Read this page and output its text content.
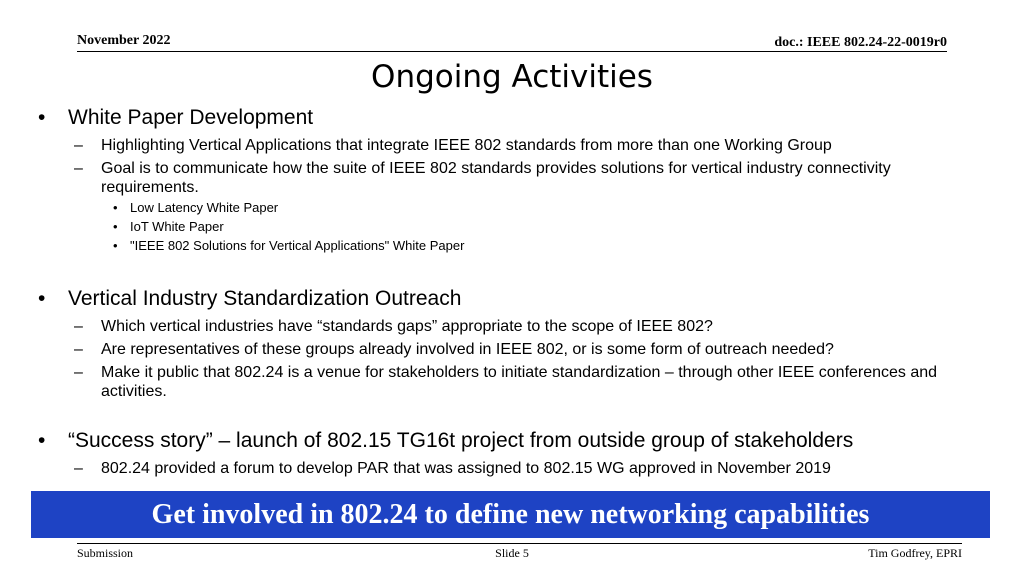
November 2022	doc.: IEEE 802.24-22-0019r0
Ongoing Activities
• White Paper Development
– Highlighting Vertical Applications that integrate IEEE 802 standards from more than one Working Group
– Goal is to communicate how the suite of IEEE 802 standards provides solutions for vertical industry connectivity requirements.
• Low Latency White Paper
• IoT White Paper
• "IEEE 802 Solutions for Vertical Applications" White Paper
• Vertical Industry Standardization Outreach
– Which vertical industries have “standards gaps” appropriate to the scope of IEEE 802?
– Are representatives of these groups already involved in IEEE 802, or is some form of outreach needed?
– Make it public that 802.24 is a venue for stakeholders to initiate standardization – through other IEEE conferences and activities.
• “Success story” – launch of 802.15 TG16t project from outside group of stakeholders
– 802.24 provided a forum to develop PAR that was assigned to 802.15 WG approved in November 2019
Get involved in 802.24 to define new networking capabilities
Submission	Slide 5	Tim Godfrey, EPRI
